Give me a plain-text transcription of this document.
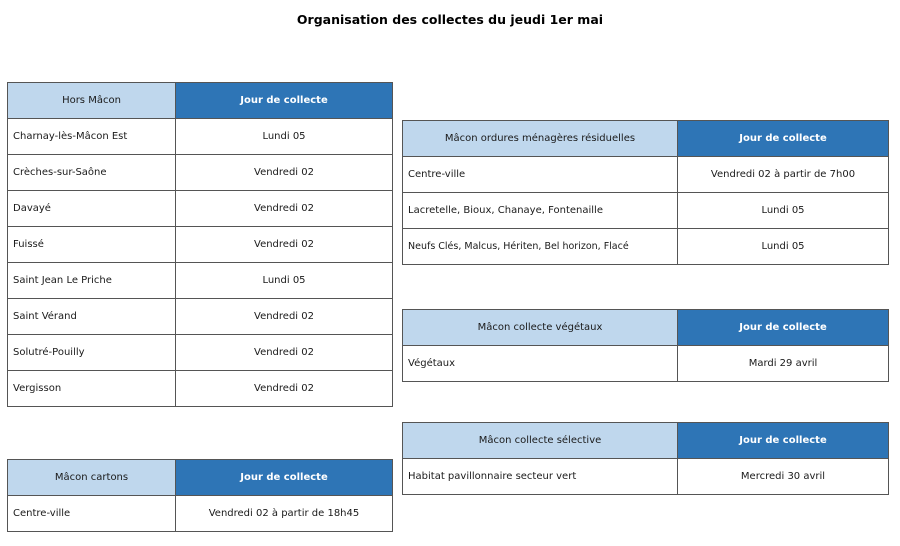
Organisation des collectes du jeudi 1er mai
Hors Mâcon	Jour de collecte
Charnay-lès-Mâcon Est	Lundi 05
Crèches-sur-Saône	Vendredi 02
Davayé	Vendredi 02
Fuissé	Vendredi 02
Saint Jean Le Priche	Lundi 05
Saint Vérand	Vendredi 02
Solutré-Pouilly	Vendredi 02
Vergisson	Vendredi 02
Mâcon cartons	Jour de collecte
Centre-ville	Vendredi 02 à partir de 18h45
Mâcon ordures ménagères résiduelles	Jour de collecte
Centre-ville	Vendredi 02 à partir de 7h00
Lacretelle, Bioux, Chanaye, Fontenaille	Lundi 05
Neufs Clés, Malcus, Hériten, Bel horizon, Flacé	Lundi 05
Mâcon collecte végétaux	Jour de collecte
Végétaux	Mardi 29 avril
Mâcon collecte sélective	Jour de collecte
Habitat pavillonnaire secteur vert	Mercredi 30 avril
